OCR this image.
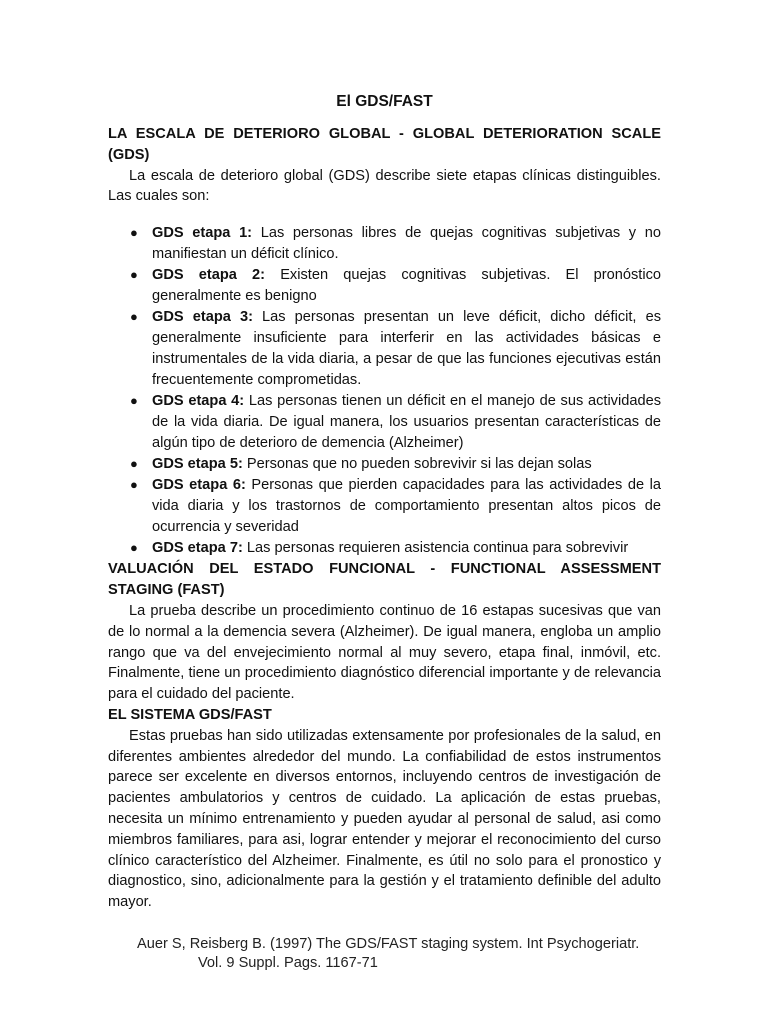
El GDS/FAST
LA ESCALA DE DETERIORO GLOBAL - GLOBAL DETERIORATION SCALE (GDS)

La escala de deterioro global (GDS) describe siete etapas clínicas distinguibles. Las cuales son:

● GDS etapa 1: Las personas libres de quejas cognitivas subjetivas y no manifiestan un déficit clínico.
● GDS etapa 2: Existen quejas cognitivas subjetivas. El pronóstico generalmente es benigno
● GDS etapa 3: Las personas presentan un leve déficit, dicho déficit, es generalmente insuficiente para interferir en las actividades básicas e instrumentales de la vida diaria, a pesar de que las funciones ejecutivas están frecuentemente comprometidas.
● GDS etapa 4: Las personas tienen un déficit en el manejo de sus actividades de la vida diaria. De igual manera, los usuarios presentan características de algún tipo de deterioro de demencia (Alzheimer)
● GDS etapa 5: Personas que no pueden sobrevivir si las dejan solas
● GDS etapa 6: Personas que pierden capacidades para las actividades de la vida diaria y los trastornos de comportamiento presentan altos picos de ocurrencia y severidad
● GDS etapa 7: Las personas requieren asistencia continua para sobrevivir
VALUACIÓN DEL ESTADO FUNCIONAL - FUNCTIONAL ASSESSMENT STAGING (FAST)

La prueba describe un procedimiento continuo de 16 estapas sucesivas que van de lo normal a la demencia severa (Alzheimer). De igual manera, engloba un amplio rango que va del envejecimiento normal al muy severo, etapa final, inmóvil, etc. Finalmente, tiene un procedimiento diagnóstico diferencial importante y de relevancia para el cuidado del paciente.

EL SISTEMA GDS/FAST

Estas pruebas han sido utilizadas extensamente por profesionales de la salud, en diferentes ambientes alrededor del mundo. La confiabilidad de estos instrumentos parece ser excelente en diversos entornos, incluyendo centros de investigación de pacientes ambulatorios y centros de cuidado. La aplicación de estas pruebas, necesita un mínimo entrenamiento y pueden ayudar al personal de salud, asi como miembros familiares, para asi, lograr entender y mejorar el reconocimiento del curso clínico característico del Alzheimer. Finalmente, es útil no solo para el pronostico y diagnostico, sino, adicionalmente para la gestión y el tratamiento definible del adulto mayor.

Auer S, Reisberg B. (1997) The GDS/FAST staging system. Int Psychogeriatr.
Vol. 9 Suppl. Pags. 1167-71
